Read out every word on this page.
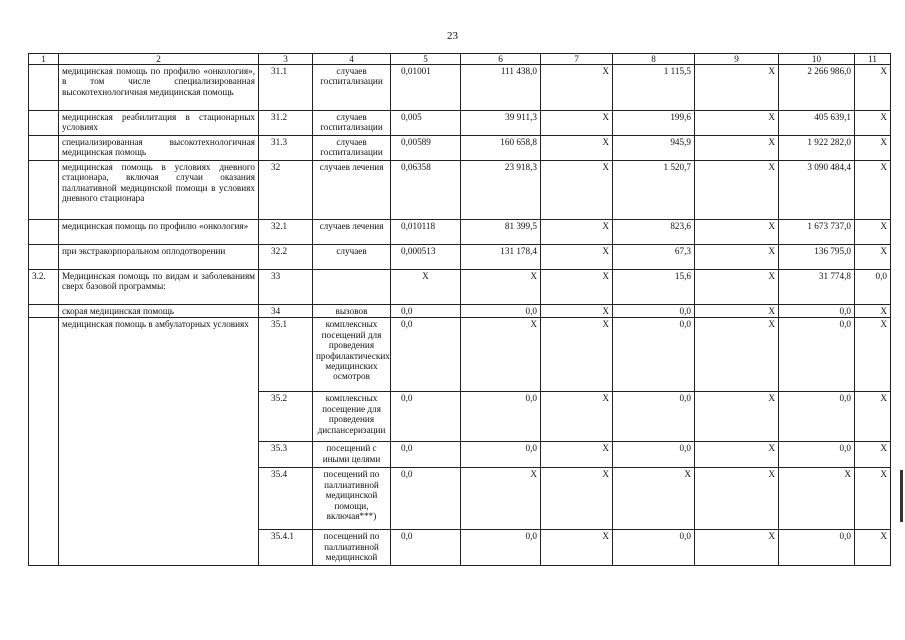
23
1	2	3	4	5	6	7	8	9	10	11
	медицинская помощь по профилю «онкология», в том числе специализированная высокотехнологичная медицинская помощь	31.1	случаев госпитализации	0,01001	111 438,0	Х	1 115,5	Х	2 266 986,0	Х
	медицинская реабилитация в стационарных условиях	31.2	случаев госпитализации	0,005	39 911,3	Х	199,6	Х	405 639,1	Х
	специализированная высокотехнологичная медицинская помощь	31.3	случаев госпитализации	0,00589	160 658,8	Х	945,9	Х	1 922 282,0	Х
	медицинская помощь в условиях дневного стационара, включая случаи оказания паллиативной медицинской помощи в условиях дневного стационара	32	случаев лечения	0,06358	23 918,3	Х	1 520,7	Х	3 090 484,4	Х
	медицинская помощь по профилю «онкология»	32.1	случаев лечения	0,010118	81 399,5	Х	823,6	Х	1 673 737,0	Х
	при экстракорпоральном оплодотворении	32.2	случаев	0,000513	131 178,4	Х	67,3	Х	136 795,0	Х
3.2.	Медицинская помощь по видам и заболеваниям сверх базовой программы:	33		Х	Х	Х	15,6	Х	31 774,8	0,0
	скорая медицинская помощь	34	вызовов	0,0	0,0	Х	0,0	Х	0,0	Х
	медицинская помощь в амбулаторных условиях	35.1	комплексных посещений для проведения профилактических медицинских осмотров	0,0	Х	Х	0,0	Х	0,0	Х
		35.2	комплексных посещение для проведения диспансеризации	0,0	0,0	Х	0,0	Х	0,0	Х
		35.3	посещений с иными целями	0,0	0,0	Х	0,0	Х	0,0	Х
		35.4	посещений по паллиативной медицинской помощи, включая***)	0,0	Х	Х	Х	Х	Х	Х
		35.4.1	посещений по паллиативной медицинской	0,0	0,0	Х	0,0	Х	0,0	Х
